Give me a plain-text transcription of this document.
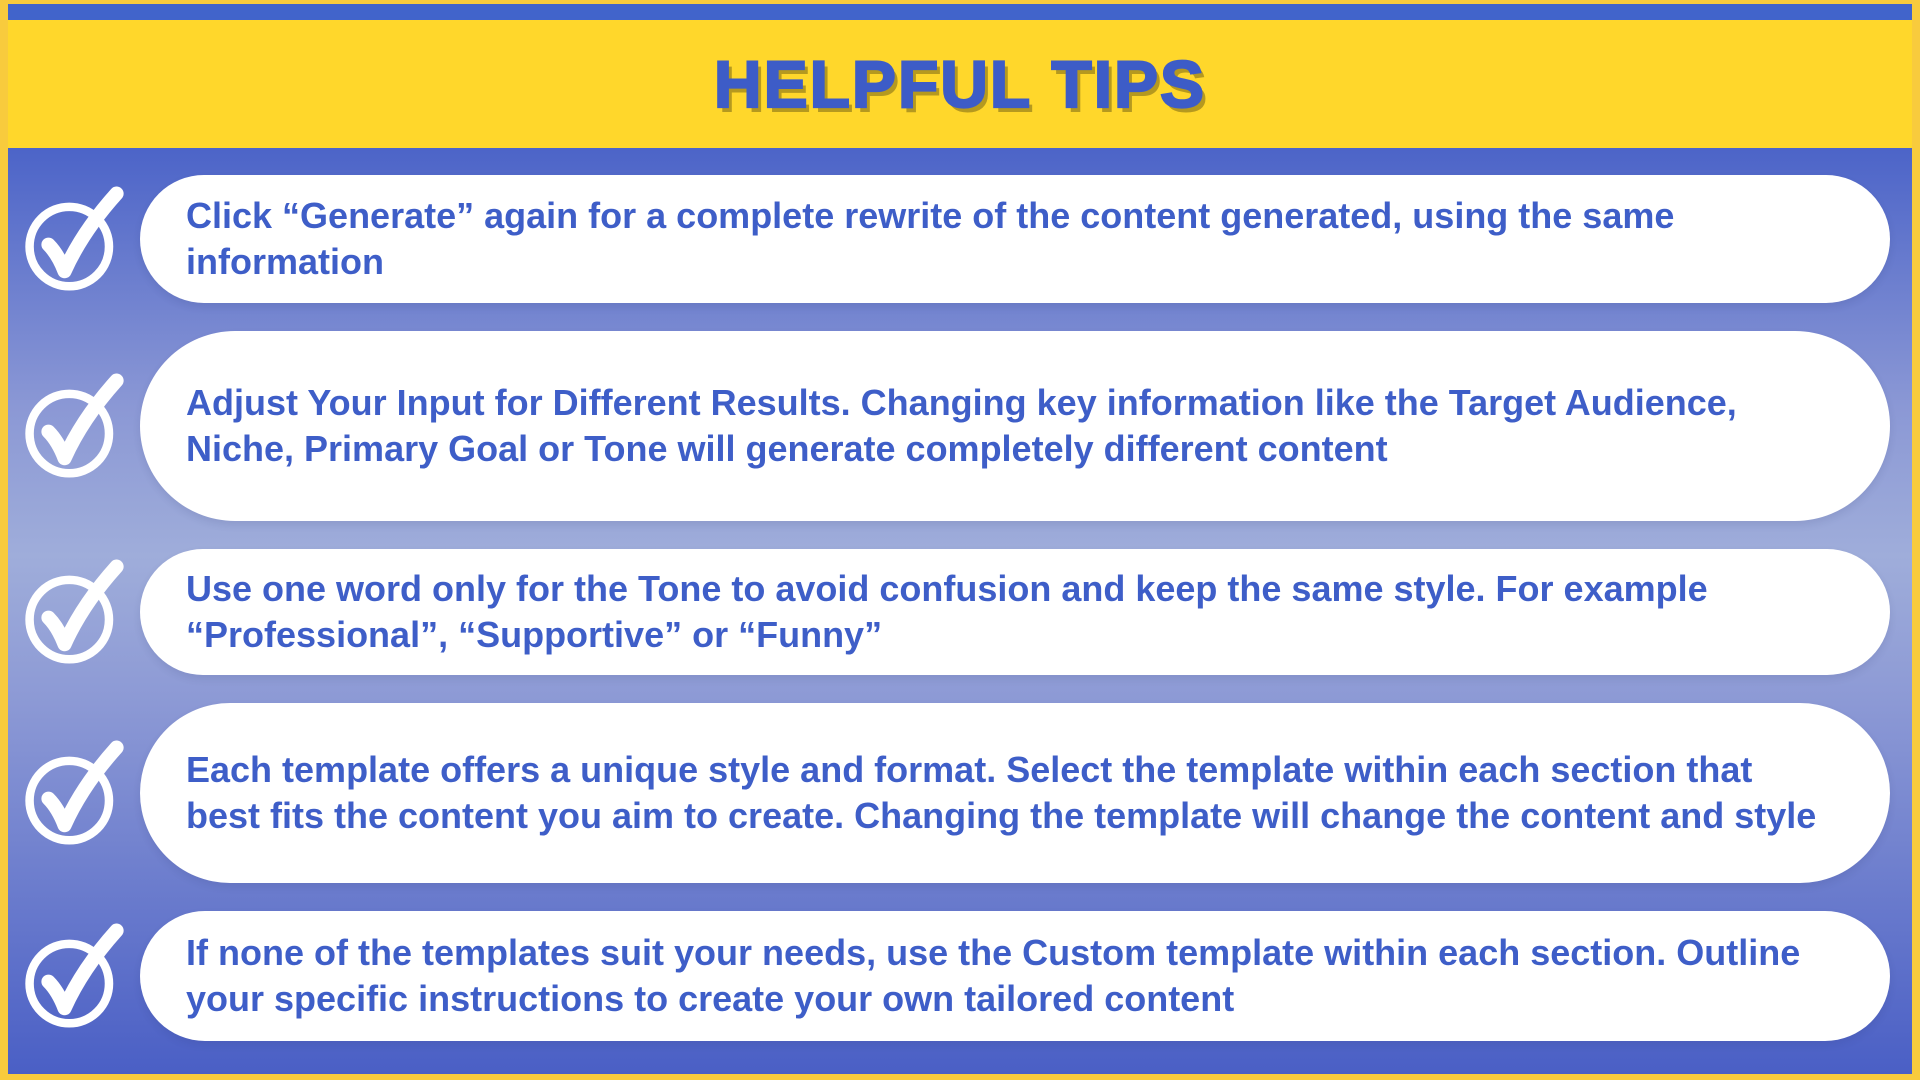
HELPFUL TIPS
Click “Generate” again for a complete rewrite of the content generated, using the same information
Adjust Your Input for Different Results. Changing key information like the Target Audience, Niche, Primary Goal or Tone will generate completely different content
Use one word only for the Tone to avoid confusion and keep the same style. For example “Professional”, “Supportive” or “Funny”
Each template offers a unique style and format. Select the template within each section that best fits the content you aim to create. Changing the template will change the content and style
If none of the templates suit your needs, use the Custom template within each section. Outline your specific instructions to create your own tailored content
